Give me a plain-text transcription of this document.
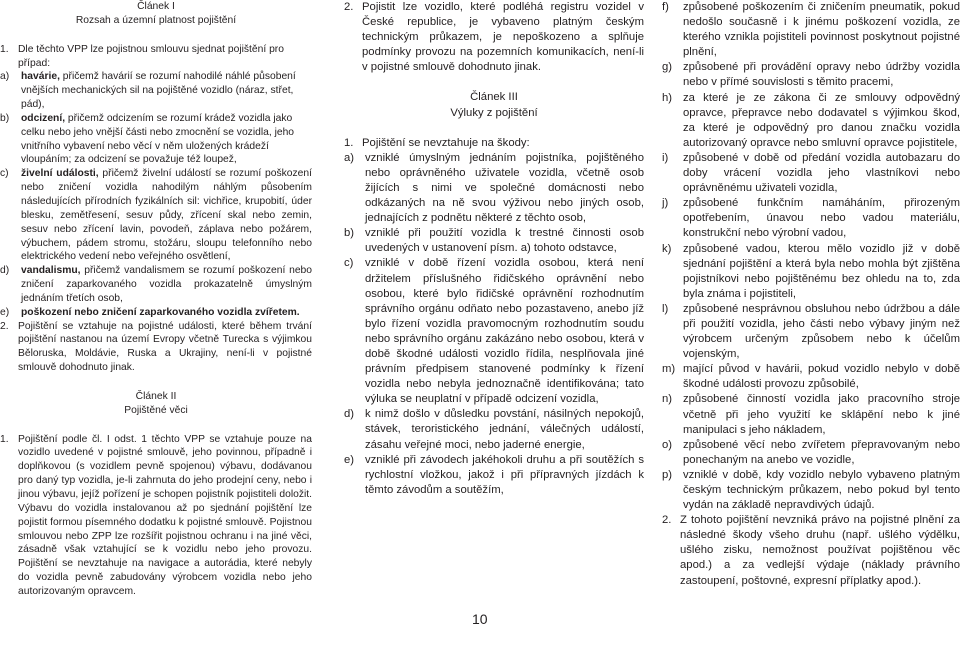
Článek I

Rozsah a územní platnost pojištění

1. Dle těchto VPP lze pojistnou smlouvu sjednat pojištění pro případ:
a)	havárie, přičemž havárií se rozumí nahodilé náhlé působení vnějších mechanických sil na pojištěné vozidlo (náraz, střet, pád),
b)	odcizení, přičemž odcizením se rozumí krádež vozidla jako celku nebo jeho vnější části nebo zmocnění se vozidla, jeho vnitřního vybavení nebo věcí v něm uložených krádeží vloupáním; za odcizení se považuje též loupež,
c)	živelní události, přičemž živelní událostí se rozumí poškození nebo zničení vozidla nahodilým náhlým působením následujících přírodních fyzikálních sil: vichřice, krupobití, úder blesku, zemětřesení, sesuv půdy, zřícení skal nebo zemin, sesuv nebo zřícení lavin, povodeň, záplava nebo požárem, výbuchem, pádem stromu, stožáru, sloupu telefonního nebo elektrického vedení nebo veřejného osvětlení,
d)	vandalismu, přičemž vandalismem se rozumí poškození nebo zničení zaparkovaného vozidla prokazatelně úmyslným jednáním třetích osob,
e)	poškození nebo zničení zaparkovaného vozidla zvířetem.
2. Pojištění se vztahuje na pojistné události, které během trvání pojištění nastanou na území Evropy včetně Turecka s výjimkou Běloruska, Moldávie, Ruska a Ukrajiny, není-li v pojistné smlouvě dohodnuto jinak.

Článek II

Pojištěné věci

1. Pojištění podle čl. I odst. 1 těchto VPP se vztahuje pouze na vozidlo uvedené v pojistné smlouvě, jeho povinnou, případně i doplňkovou (s vozidlem pevně spojenou) výbavu, dodávanou pro daný typ vozidla, je-li zahrnuta do jeho prodejní ceny, nebo i jinou výbavu, jejíž pořízení je schopen pojistník pojistiteli doložit. Výbavu do vozidla instalovanou až po sjednání pojištění lze pojistit formou písemného dodatku k pojistné smlouvě. Pojistnou smlouvou nebo ZPP lze rozšířit pojistnou ochranu i na jiné věci, zásadně však vztahující se k vozidlu nebo jeho provozu. Pojištění se nevztahuje na navigace a autorádia, které nebyly do vozidla pevně zabudovány výrobcem vozidla nebo jeho autorizovaným opravcem.
2. Pojistit lze vozidlo, které podléhá registru vozidel v České republice, je vybaveno platným českým technickým průkazem, je nepoškozeno a splňuje podmínky provozu na pozemních komunikacích, není-li v pojistné smlouvě dohodnuto jinak.

Článek III

Výluky z pojištění

1. Pojištění se nevztahuje na škody:
a) vzniklé úmyslným jednáním pojistníka, pojištěného nebo oprávněného uživatele vozidla, včetně osob žijících s nimi ve společné domácnosti nebo odkázaných na ně svou výživou nebo jiných osob, jednajících z podnětu některé z těchto osob,
b) vzniklé při použití vozidla k trestné činnosti osob uvedených v ustanovení písm. a) tohoto odstavce,
c)	vzniklé v době řízení vozidla osobou, která není držitelem příslušného řidičského oprávnění nebo osobou, které bylo řidičské oprávnění rozhodnutím správního orgánu odňato nebo pozastaveno, anebo jíž bylo řízení vozidla pravomocným rozhodnutím soudu nebo správního orgánu zakázáno nebo osobou, která v době škodné události vozidlo řídila, nesplňovala jiné právním předpisem stanovené podmínky k řízení vozidla nebo nebyla jednoznačně identifikována; tato výluka se neuplatní v případě odcizení vozidla,
d) k nimž došlo v důsledku povstání, násilných nepokojů, stávek, teroristického jednání, válečných událostí, zásahu veřejné moci, nebo jaderné energie,
e) vzniklé při závodech jakéhokoli druhu a při soutěžích s rychlostní vložkou, jakož i při přípravných jízdách k těmto závodům a soutěžím,
f)	způsobené poškozením či zničením pneumatik, pokud nedošlo současně i k jinému poškození vozidla, ze kterého vznikla pojistiteli povinnost poskytnout pojistné plnění,
g) způsobené při provádění opravy nebo údržby vozidla nebo v přímé souvislosti s těmito pracemi,
h) za které je ze zákona či ze smlouvy odpovědný opravce, přepravce nebo dodavatel s výjimkou škod, za které je odpovědný pro danou značku vozidla autorizovaný opravce nebo smluvní opravce pojistitele,
i)	způsobené v době od předání vozidla autobazaru do doby vrácení vozidla jeho vlastníkovi nebo oprávněnému uživateli vozidla,
j)	způsobené funkčním namáháním, přirozeným opotřebením, únavou nebo vadou materiálu, konstrukční nebo výrobní vadou,
k)	způsobené vadou, kterou mělo vozidlo již v době sjednání pojištění a která byla nebo mohla být zjištěna pojistníkovi nebo pojištěnému bez ohledu na to, zda byla známa i pojistiteli,
l)	způsobené nesprávnou obsluhou nebo údržbou a dále při použití vozidla, jeho části nebo výbavy jiným než výrobcem určeným způsobem nebo k účelům vojenským,
m) mající původ v havárii, pokud vozidlo nebylo v době škodné události provozu způsobilé,
n) způsobené činností vozidla jako pracovního stroje včetně při jeho využití ke sklápění nebo k jiné manipulaci s jeho nákladem,
o) způsobené věcí nebo zvířetem přepravovaným nebo ponechaným na anebo ve vozidle,
p) vzniklé v době, kdy vozidlo nebylo vybaveno platným českým technickým průkazem, nebo pokud byl tento vydán na základě nepravdivých údajů.
2. Z tohoto pojištění nevzniká právo na pojistné plnění za následné škody všeho druhu (např. ušlého výdělku, ušlého zisku, nemožnost používat pojištěnou věc apod.) a za vedlejší výdaje (náklady právního zastoupení, poštovné, expresní příplatky apod.).
10
